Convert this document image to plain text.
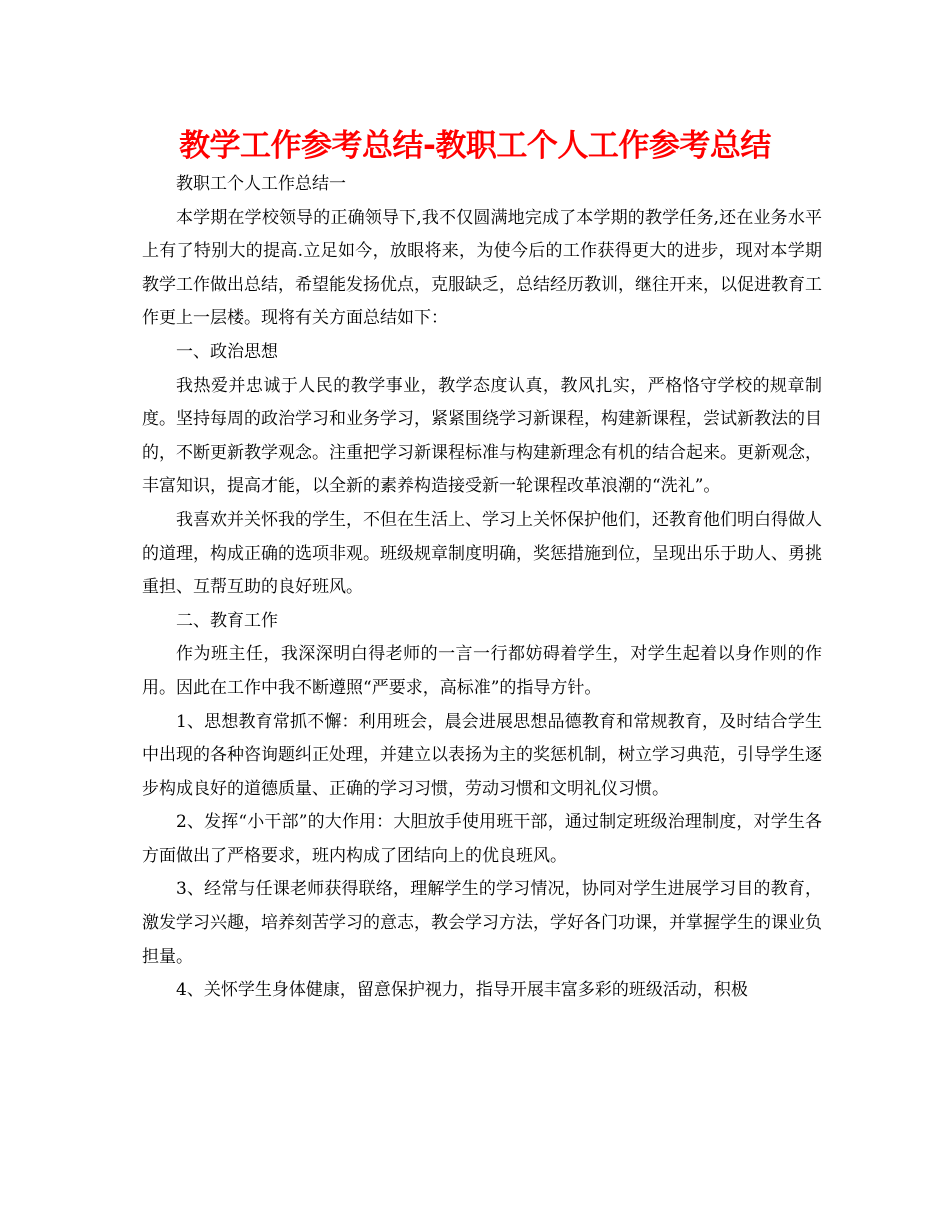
教学工作参考总结-教职工个人工作参考总结

教职工个人工作总结一

本学期在学校领导的正确领导下,我不仅圆满地完成了本学期的教学任务,还在业务水平上有了特别大的提高.立足如今，放眼将来，为使今后的工作获得更大的进步，现对本学期教学工作做出总结，希望能发扬优点，克服缺乏，总结经历教训，继往开来，以促进教育工作更上一层楼。现将有关方面总结如下：

一、政治思想

我热爱并忠诚于人民的教学事业，教学态度认真，教风扎实，严格恪守学校的规章制度。坚持每周的政治学习和业务学习，紧紧围绕学习新课程，构建新课程，尝试新教法的目的，不断更新教学观念。注重把学习新课程标准与构建新理念有机的结合起来。更新观念，丰富知识，提高才能，以全新的素养构造接受新一轮课程改革浪潮的“洗礼”。

我喜欢并关怀我的学生，不但在生活上、学习上关怀保护他们，还教育他们明白得做人的道理，构成正确的选项非观。班级规章制度明确，奖惩措施到位，呈现出乐于助人、勇挑重担、互帮互助的良好班风。

二、教育工作

作为班主任，我深深明白得老师的一言一行都妨碍着学生，对学生起着以身作则的作用。因此在工作中我不断遵照“严要求，高标准”的指导方针。

1、思想教育常抓不懈：利用班会，晨会进展思想品德教育和常规教育，及时结合学生中出现的各种咨询题纠正处理，并建立以表扬为主的奖惩机制，树立学习典范，引导学生逐步构成良好的道德质量、正确的学习习惯，劳动习惯和文明礼仪习惯。

2、发挥“小干部”的大作用：大胆放手使用班干部，通过制定班级治理制度，对学生各方面做出了严格要求，班内构成了团结向上的优良班风。

3、经常与任课老师获得联络，理解学生的学习情况，协同对学生进展学习目的教育，激发学习兴趣，培养刻苦学习的意志，教会学习方法，学好各门功课，并掌握学生的课业负担量。

4、关怀学生身体健康，留意保护视力，指导开展丰富多彩的班级活动，积极
